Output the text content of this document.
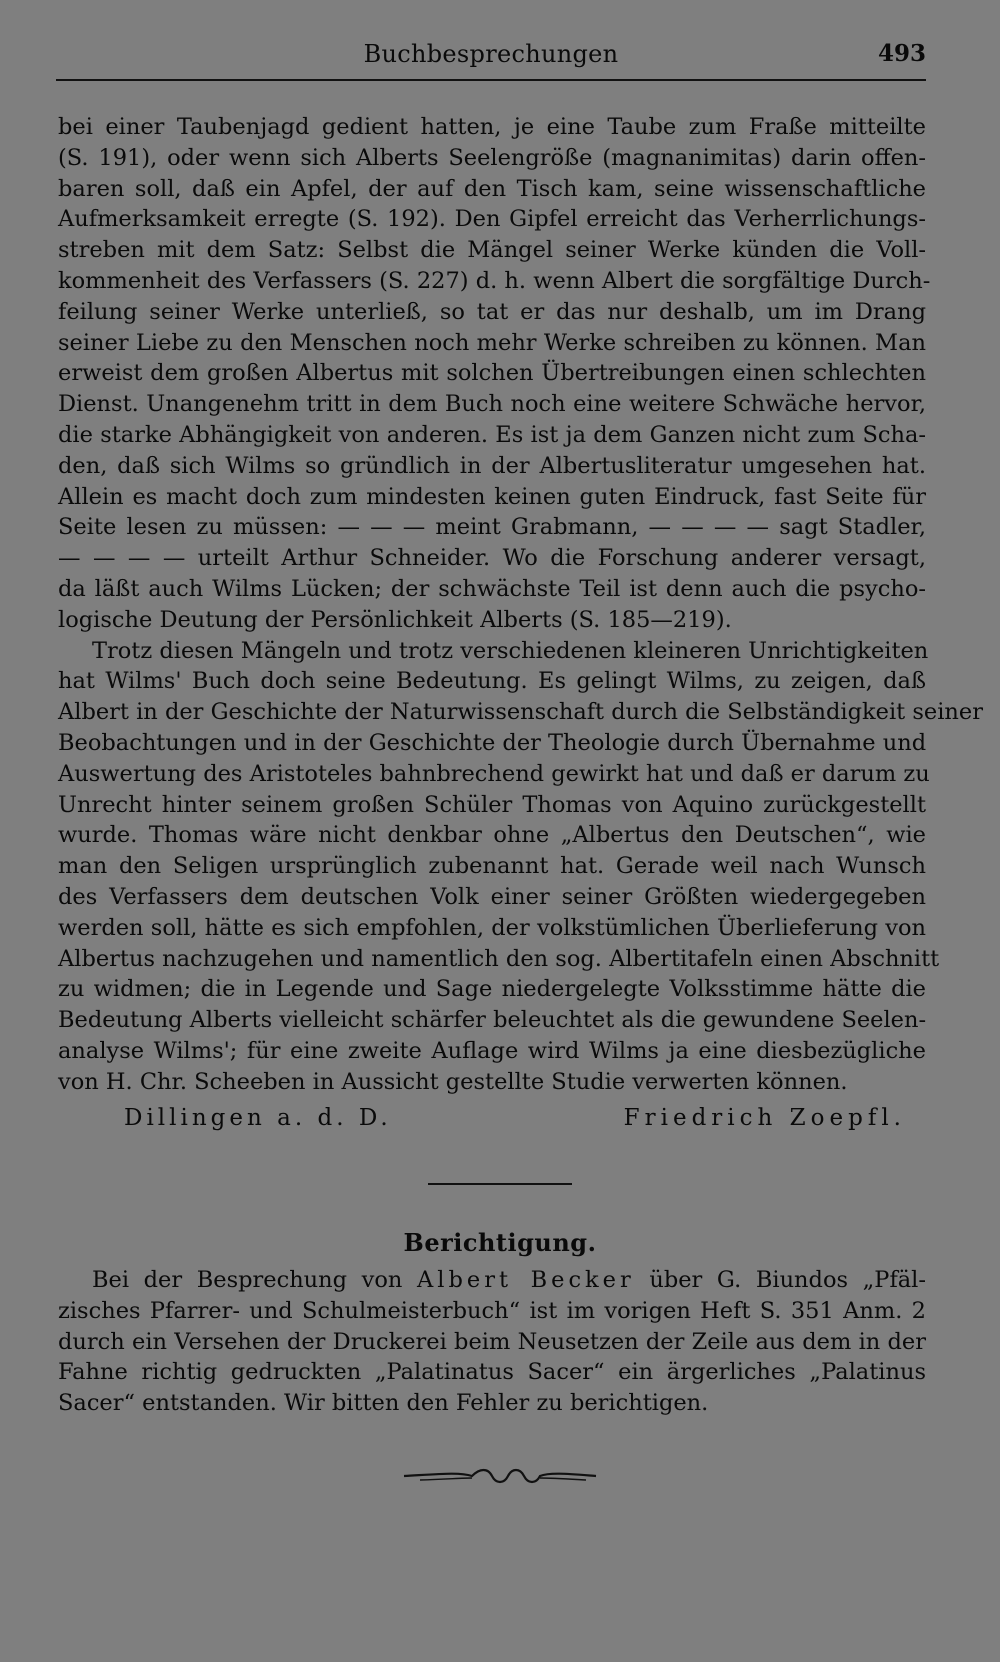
Buchbesprechungen	493
bei einer Taubenjagd gedient hatten, je eine Taube zum Fraße mitteilte
(S. 191), oder wenn sich Alberts Seelengröße (magnanimitas) darin offen-
baren soll, daß ein Apfel, der auf den Tisch kam, seine wissenschaftliche
Aufmerksamkeit erregte (S. 192). Den Gipfel erreicht das Verherrlichungs-
streben mit dem Satz: Selbst die Mängel seiner Werke künden die Voll-
kommenheit des Verfassers (S. 227) d. h. wenn Albert die sorgfältige Durch-
feilung seiner Werke unterließ, so tat er das nur deshalb, um im Drang
seiner Liebe zu den Menschen noch mehr Werke schreiben zu können. Man
erweist dem großen Albertus mit solchen Übertreibungen einen schlechten
Dienst. Unangenehm tritt in dem Buch noch eine weitere Schwäche hervor,
die starke Abhängigkeit von anderen. Es ist ja dem Ganzen nicht zum Scha-
den, daß sich Wilms so gründlich in der Albertusliteratur umgesehen hat.
Allein es macht doch zum mindesten keinen guten Eindruck, fast Seite für
Seite lesen zu müssen: — — — meint Grabmann, — — — — sagt Stadler,
— — — — urteilt Arthur Schneider. Wo die Forschung anderer versagt,
da läßt auch Wilms Lücken; der schwächste Teil ist denn auch die psycho-
logische Deutung der Persönlichkeit Alberts (S. 185—219).
Trotz diesen Mängeln und trotz verschiedenen kleineren Unrichtigkeiten
hat Wilms' Buch doch seine Bedeutung. Es gelingt Wilms, zu zeigen, daß
Albert in der Geschichte der Naturwissenschaft durch die Selbständigkeit seiner
Beobachtungen und in der Geschichte der Theologie durch Übernahme und
Auswertung des Aristoteles bahnbrechend gewirkt hat und daß er darum zu
Unrecht hinter seinem großen Schüler Thomas von Aquino zurückgestellt
wurde. Thomas wäre nicht denkbar ohne „Albertus den Deutschen“, wie
man den Seligen ursprünglich zubenannt hat. Gerade weil nach Wunsch
des Verfassers dem deutschen Volk einer seiner Größten wiedergegeben
werden soll, hätte es sich empfohlen, der volkstümlichen Überlieferung von
Albertus nachzugehen und namentlich den sog. Albertitafeln einen Abschnitt
zu widmen; die in Legende und Sage niedergelegte Volksstimme hätte die
Bedeutung Alberts vielleicht schärfer beleuchtet als die gewundene Seelen-
analyse Wilms'; für eine zweite Auflage wird Wilms ja eine diesbezügliche
von H. Chr. Scheeben in Aussicht gestellte Studie verwerten können.
Dillingen a. d. D.	Friedrich Zoepfl.
Berichtigung.
Bei der Besprechung von Albert Becker über G. Biundos „Pfäl-
zisches Pfarrer- und Schulmeisterbuch“ ist im vorigen Heft S. 351 Anm. 2
durch ein Versehen der Druckerei beim Neusetzen der Zeile aus dem in der
Fahne richtig gedruckten „Palatinatus Sacer“ ein ärgerliches „Palatinus
Sacer“ entstanden. Wir bitten den Fehler zu berichtigen.
